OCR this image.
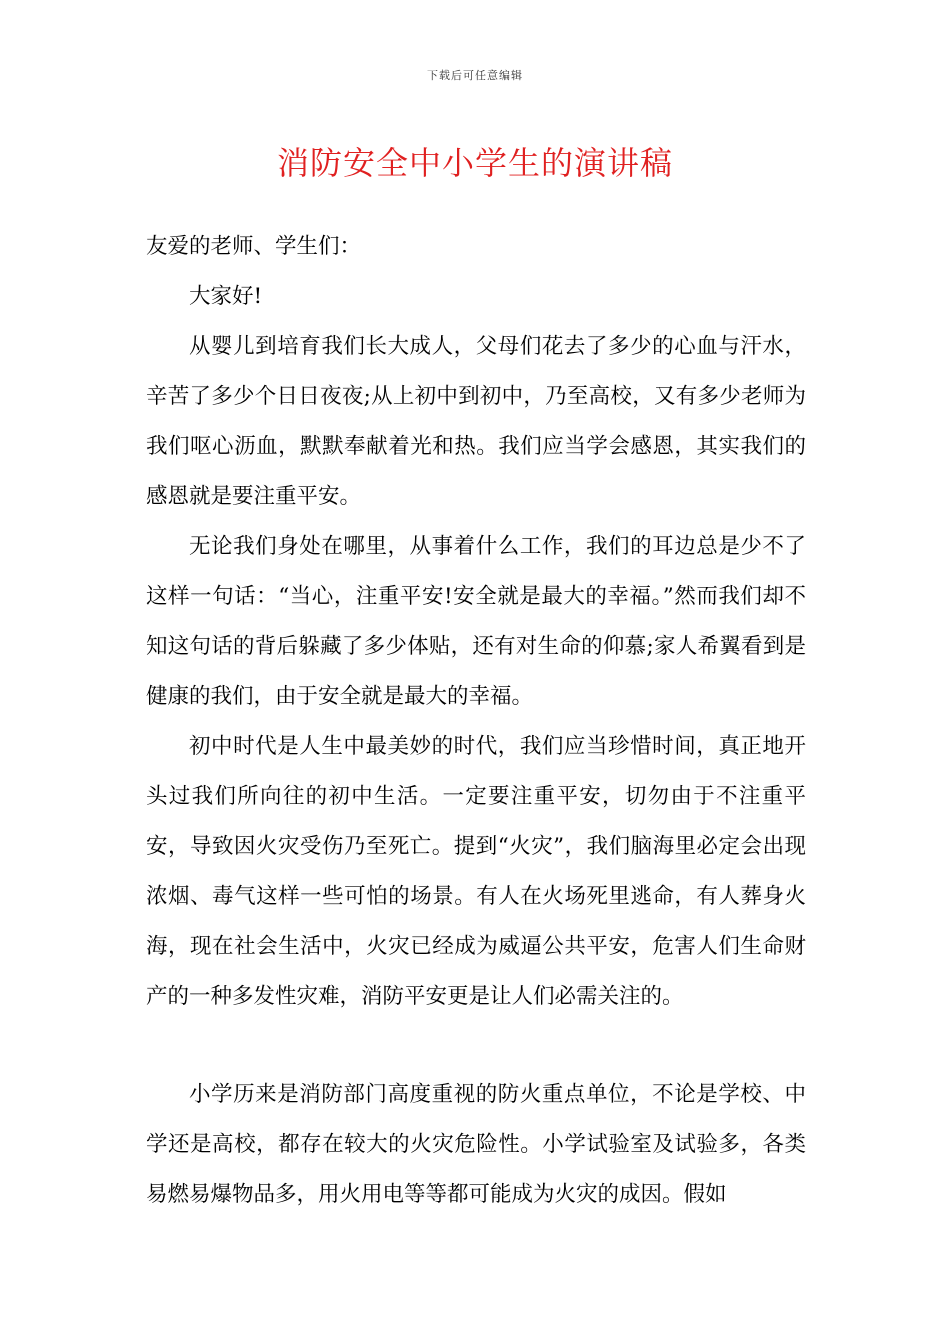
下载后可任意编辑
消防安全中小学生的演讲稿

友爱的老师、学生们：

大家好!

从婴儿到培育我们长大成人，父母们花去了多少的心血与汗水，辛苦了多少个日日夜夜;从上初中到初中，乃至高校，又有多少老师为我们呕心沥血，默默奉献着光和热。我们应当学会感恩，其实我们的感恩就是要注重平安。

无论我们身处在哪里，从事着什么工作，我们的耳边总是少不了这样一句话：“当心，注重平安!安全就是最大的幸福。”然而我们却不知这句话的背后躲藏了多少体贴，还有对生命的仰慕;家人希翼看到是健康的我们，由于安全就是最大的幸福。

初中时代是人生中最美妙的时代，我们应当珍惜时间，真正地开头过我们所向往的初中生活。一定要注重平安，切勿由于不注重平安，导致因火灾受伤乃至死亡。提到“火灾”，我们脑海里必定会出现浓烟、毒气这样一些可怕的场景。有人在火场死里逃命，有人葬身火海，现在社会生活中，火灾已经成为威逼公共平安，危害人们生命财产的一种多发性灾难，消防平安更是让人们必需关注的。

小学历来是消防部门高度重视的防火重点单位，不论是学校、中学还是高校，都存在较大的火灾危险性。小学试验室及试验多，各类易燃易爆物品多，用火用电等等都可能成为火灾的成因。假如
